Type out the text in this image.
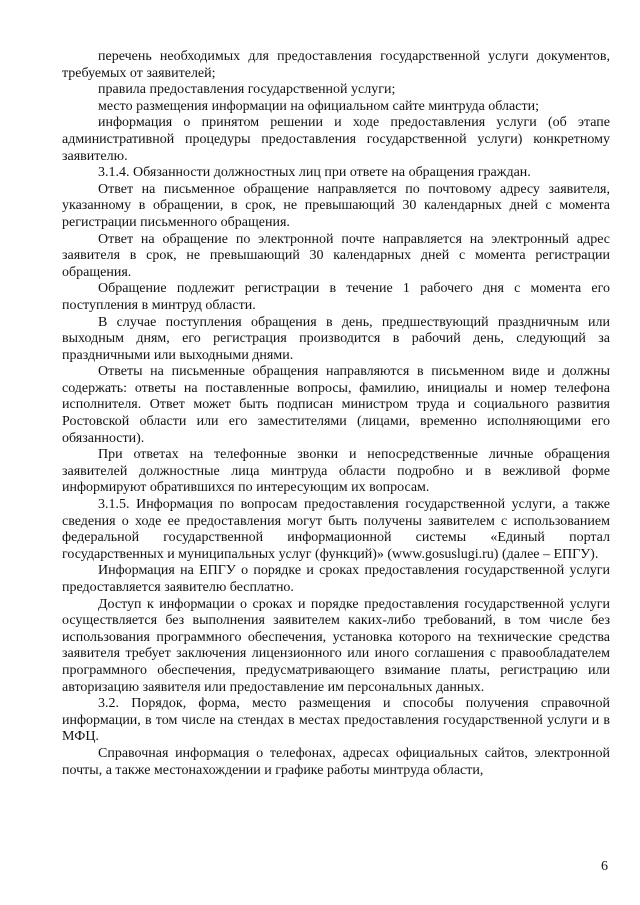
перечень необходимых для предоставления государственной услуги документов, требуемых от заявителей;

правила предоставления государственной услуги;

место размещения информации на официальном сайте минтруда области;

информация о принятом решении и ходе предоставления услуги (об этапе административной процедуры предоставления государственной услуги) конкретному заявителю.

3.1.4. Обязанности должностных лиц при ответе на обращения граждан.

Ответ на письменное обращение направляется по почтовому адресу заявителя, указанному в обращении, в срок, не превышающий 30 календарных дней с момента регистрации письменного обращения.

Ответ на обращение по электронной почте направляется на электронный адрес заявителя в срок, не превышающий 30 календарных дней с момента регистрации обращения.

Обращение подлежит регистрации в течение 1 рабочего дня с момента его поступления в минтруд области.

В случае поступления обращения в день, предшествующий праздничным или выходным дням, его регистрация производится в рабочий день, следующий за праздничными или выходными днями.

Ответы на письменные обращения направляются в письменном виде и должны содержать: ответы на поставленные вопросы, фамилию, инициалы и номер телефона исполнителя. Ответ может быть подписан министром труда и социального развития Ростовской области или его заместителями (лицами, временно исполняющими его обязанности).

При ответах на телефонные звонки и непосредственные личные обращения заявителей должностные лица минтруда области подробно и в вежливой форме информируют обратившихся по интересующим их вопросам.

3.1.5. Информация по вопросам предоставления государственной услуги, а также сведения о ходе ее предоставления могут быть получены заявителем с использованием федеральной государственной информационной системы «Единый портал государственных и муниципальных услуг (функций)» (www.gosuslugi.ru) (далее – ЕПГУ).

Информация на ЕПГУ о порядке и сроках предоставления государственной услуги предоставляется заявителю бесплатно.

Доступ к информации о сроках и порядке предоставления государственной услуги осуществляется без выполнения заявителем каких-либо требований, в том числе без использования программного обеспечения, установка которого на технические средства заявителя требует заключения лицензионного или иного соглашения с правообладателем программного обеспечения, предусматривающего взимание платы, регистрацию или авторизацию заявителя или предоставление им персональных данных.

3.2. Порядок, форма, место размещения и способы получения справочной информации, в том числе на стендах в местах предоставления государственной услуги и в МФЦ.

Справочная информация о телефонах, адресах официальных сайтов, электронной почты, а также местонахождении и графике работы минтруда области,

6
